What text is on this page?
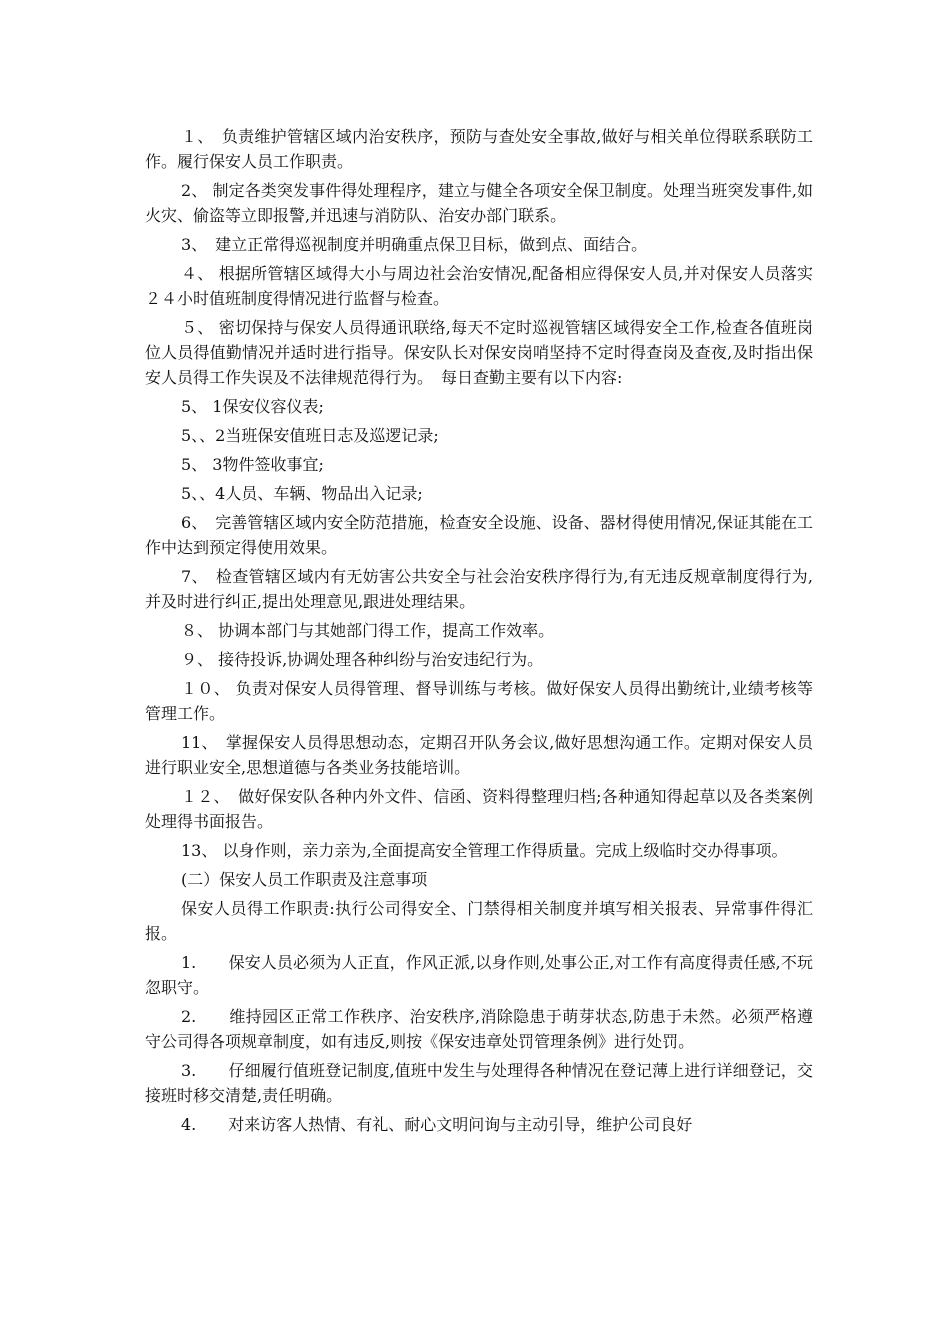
１、　负责维护管辖区域内治安秩序，预防与查处安全事故,做好与相关单位得联系联防工作。履行保安人员工作职责。

2、 制定各类突发事件得处理程序，建立与健全各项安全保卫制度。处理当班突发事件,如火灾、偷盗等立即报警,并迅速与消防队、治安办部门联系。

3、　建立正常得巡视制度并明确重点保卫目标，做到点、面结合。

４、 根据所管辖区域得大小与周边社会治安情况,配备相应得保安人员,并对保安人员落实２４小时值班制度得情况进行监督与检查。

５、 密切保持与保安人员得通讯联络,每天不定时巡视管辖区域得安全工作,检查各值班岗位人员得值勤情况并适时进行指导。保安队长对保安岗哨坚持不定时得查岗及查夜,及时指出保安人员得工作失误及不法律规范得行为。　每日查勤主要有以下内容:

5、 1保安仪容仪表;

5、、2当班保安值班日志及巡逻记录;

5、 3物件签收事宜;

5、、4人员、车辆、物品出入记录;

6、　完善管辖区域内安全防范措施，检查安全设施、设备、器材得使用情况,保证其能在工作中达到预定得使用效果。

7、　检查管辖区域内有无妨害公共安全与社会治安秩序得行为,有无违反规章制度得行为,并及时进行纠正,提出处理意见,跟进处理结果。

８、 协调本部门与其她部门得工作，提高工作效率。

９、 接待投诉,协调处理各种纠纷与治安违纪行为。

１０、 负责对保安人员得管理、督导训练与考核。做好保安人员得出勤统计,业绩考核等管理工作。

11、　掌握保安人员得思想动态，定期召开队务会议,做好思想沟通工作。定期对保安人员进行职业安全,思想道德与各类业务技能培训。

１２、　做好保安队各种内外文件、信函、资料得整理归档;各种通知得起草以及各类案例处理得书面报告。

13、 以身作则，亲力亲为,全面提高安全管理工作得质量。完成上级临时交办得事项。

(二）保安人员工作职责及注意事项

保安人员得工作职责:执行公司得安全、门禁得相关制度并填写相关报表、异常事件得汇报。

1.　　保安人员必须为人正直，作风正派,以身作则,处事公正,对工作有高度得责任感,不玩忽职守。

2.　　维持园区正常工作秩序、治安秩序,消除隐患于萌芽状态,防患于未然。必须严格遵守公司得各项规章制度，如有违反,则按《保安违章处罚管理条例》进行处罚。

3.　　仔细履行值班登记制度,值班中发生与处理得各种情况在登记薄上进行详细登记，交接班时移交清楚,责任明确。

4.　　对来访客人热情、有礼、耐心文明问询与主动引导，维护公司良好
